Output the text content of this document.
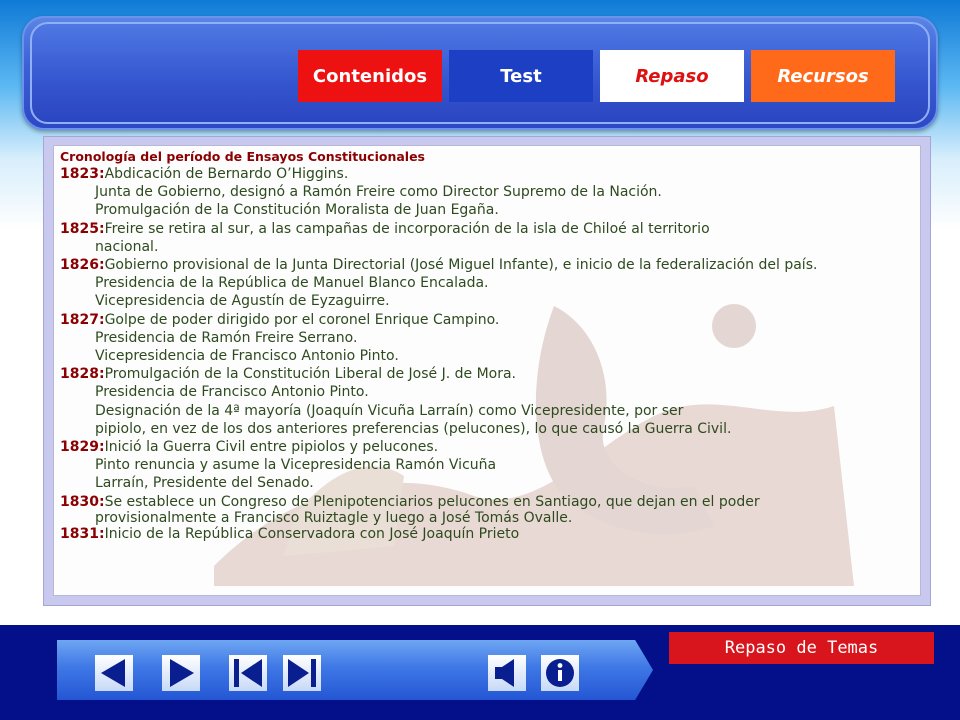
Contenidos	Test	Repaso	Recursos
Cronología del período de Ensayos Constitucionales
1823:Abdicación de Bernardo O’Higgins.
Junta de Gobierno, designó a Ramón Freire como Director Supremo de la Nación.
Promulgación de la Constitución Moralista de Juan Egaña.
1825:Freire se retira al sur, a las campañas de incorporación de la isla de Chiloé al territorio
nacional.
1826:Gobierno provisional de la Junta Directorial (José Miguel Infante), e inicio de la federalización del país.
Presidencia de la República de Manuel Blanco Encalada.
Vicepresidencia de Agustín de Eyzaguirre.
1827:Golpe de poder dirigido por el coronel Enrique Campino.
Presidencia de Ramón Freire Serrano.
Vicepresidencia de Francisco Antonio Pinto.
1828:Promulgación de la Constitución Liberal de José J. de Mora.
Presidencia de Francisco Antonio Pinto.
Designación de la 4ª mayoría (Joaquín Vicuña Larraín) como Vicepresidente, por ser
pipiolo, en vez de los dos anteriores preferencias (pelucones), lo que causó la Guerra Civil.
1829:Inició la Guerra Civil entre pipiolos y pelucones.
Pinto renuncia y asume la Vicepresidencia Ramón Vicuña
Larraín, Presidente del Senado.
1830:Se establece un Congreso de Plenipotenciarios pelucones en Santiago, que dejan en el poder
provisionalmente a Francisco Ruiztagle y luego a José Tomás Ovalle.
1831:Inicio de la República Conservadora con José Joaquín Prieto
Repaso de Temas
